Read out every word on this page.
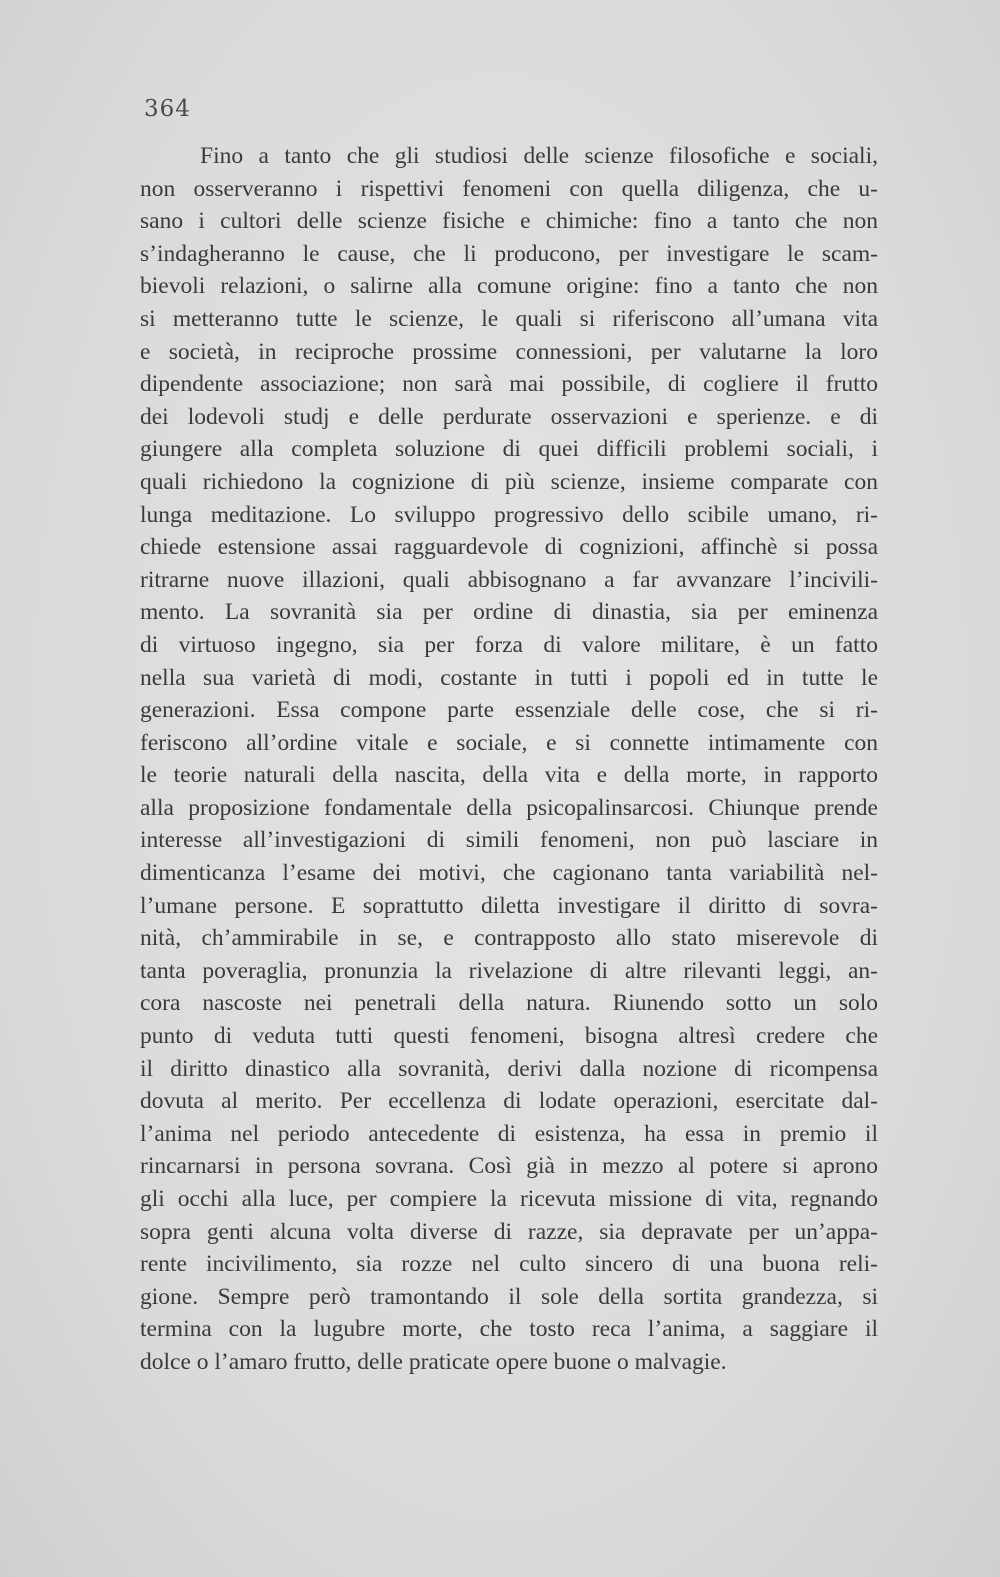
364
Fino a tanto che gli studiosi delle scienze filosofiche e sociali,
non osserveranno i rispettivi fenomeni con quella diligenza, che u-
sano i cultori delle scienze fisiche e chimiche: fino a tanto che non
s’indagheranno le cause, che li producono, per investigare le scam-
bievoli relazioni, o salirne alla comune origine: fino a tanto che non
si metteranno tutte le scienze, le quali si riferiscono all’umana vita
e società, in reciproche prossime connessioni, per valutarne la loro
dipendente associazione; non sarà mai possibile, di cogliere il frutto
dei lodevoli studj e delle perdurate osservazioni e sperienze. e di
giungere alla completa soluzione di quei difficili problemi sociali, i
quali richiedono la cognizione di più scienze, insieme comparate con
lunga meditazione. Lo sviluppo progressivo dello scibile umano, ri-
chiede estensione assai ragguardevole di cognizioni, affinchè si possa
ritrarne nuove illazioni, quali abbisognano a far avvanzare l’incivili-
mento. La sovranità sia per ordine di dinastia, sia per eminenza
di virtuoso ingegno, sia per forza di valore militare, è un fatto
nella sua varietà di modi, costante in tutti i popoli ed in tutte le
generazioni. Essa compone parte essenziale delle cose, che si ri-
feriscono all’ordine vitale e sociale, e si connette intimamente con
le teorie naturali della nascita, della vita e della morte, in rapporto
alla proposizione fondamentale della psicopalinsarcosi. Chiunque prende
interesse all’investigazioni di simili fenomeni, non può lasciare in
dimenticanza l’esame dei motivi, che cagionano tanta variabilità nel-
l’umane persone. E soprattutto diletta investigare il diritto di sovra-
nità, ch’ammirabile in se, e contrapposto allo stato miserevole di
tanta poveraglia, pronunzia la rivelazione di altre rilevanti leggi, an-
cora nascoste nei penetrali della natura. Riunendo sotto un solo
punto di veduta tutti questi fenomeni, bisogna altresì credere che
il diritto dinastico alla sovranità, derivi dalla nozione di ricompensa
dovuta al merito. Per eccellenza di lodate operazioni, esercitate dal-
l’anima nel periodo antecedente di esistenza, ha essa in premio il
rincarnarsi in persona sovrana. Così già in mezzo al potere si aprono
gli occhi alla luce, per compiere la ricevuta missione di vita, regnando
sopra genti alcuna volta diverse di razze, sia depravate per un’appa-
rente incivilimento, sia rozze nel culto sincero di una buona reli-
gione. Sempre però tramontando il sole della sortita grandezza, si
termina con la lugubre morte, che tosto reca l’anima, a saggiare il
dolce o l’amaro frutto, delle praticate opere buone o malvagie.
